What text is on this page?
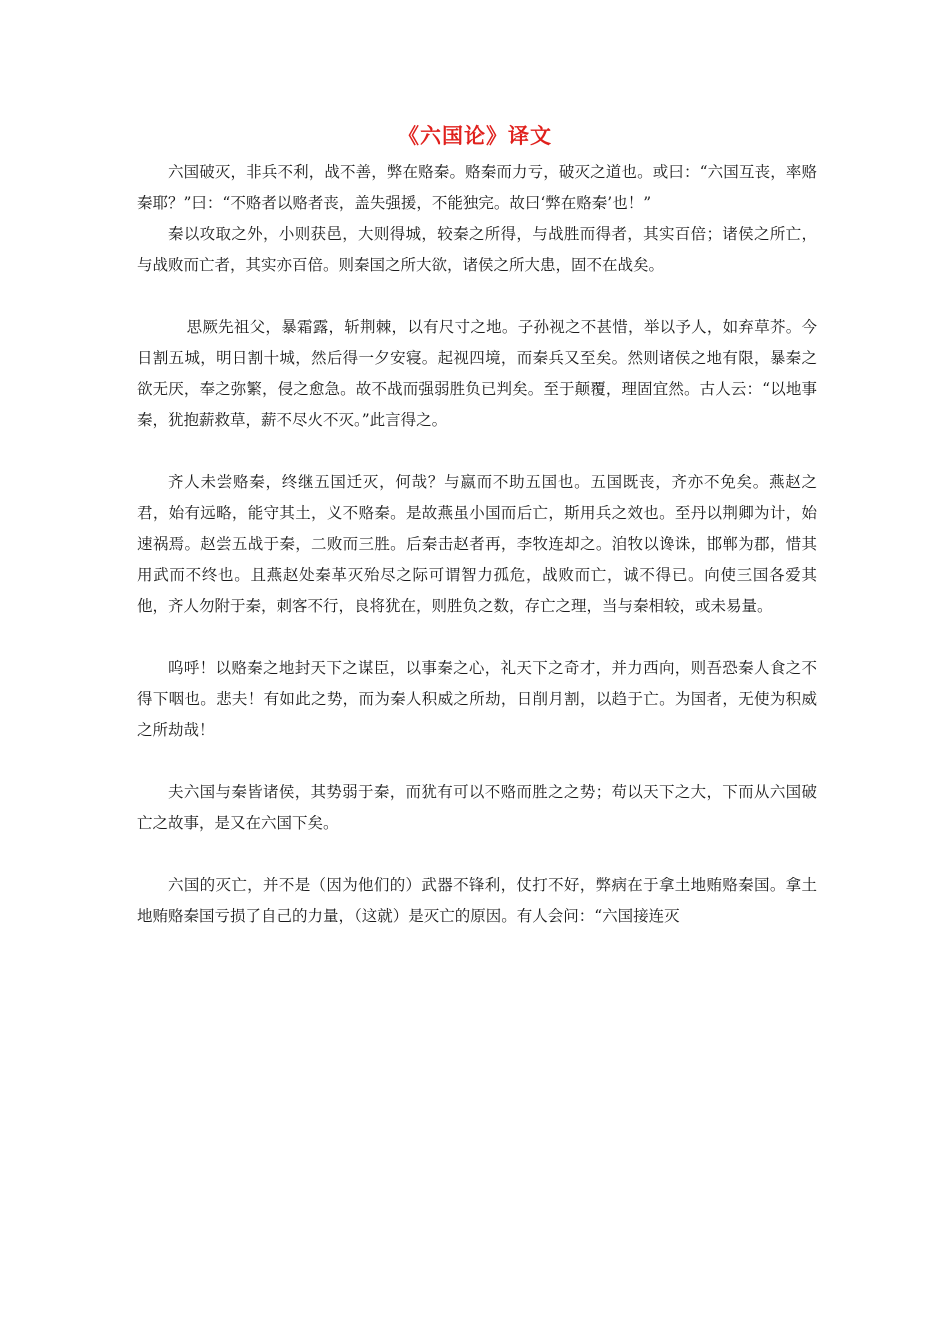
《六国论》译文

六国破灭，非兵不利，战不善，弊在赂秦。赂秦而力亏，破灭之道也。或曰：“六国互丧，率赂秦耶？”曰：“不赂者以赂者丧，盖失强援，不能独完。故曰‘弊在赂秦’也！”

秦以攻取之外，小则获邑，大则得城，较秦之所得，与战胜而得者，其实百倍；诸侯之所亡，与战败而亡者，其实亦百倍。则秦国之所大欲，诸侯之所大患，固不在战矣。

思厥先祖父，暴霜露，斩荆棘，以有尺寸之地。子孙视之不甚惜，举以予人，如弃草芥。今日割五城，明日割十城，然后得一夕安寝。起视四境，而秦兵又至矣。然则诸侯之地有限，暴秦之欲无厌，奉之弥繁，侵之愈急。故不战而强弱胜负已判矣。至于颠覆，理固宜然。古人云：“以地事秦，犹抱薪救草，薪不尽火不灭。”此言得之。

齐人未尝赂秦，终继五国迁灭，何哉？与嬴而不助五国也。五国既丧，齐亦不免矣。燕赵之君，始有远略，能守其土，义不赂秦。是故燕虽小国而后亡，斯用兵之效也。至丹以荆卿为计，始速祸焉。赵尝五战于秦，二败而三胜。后秦击赵者再，李牧连却之。洎牧以谗诛，邯郸为郡，惜其用武而不终也。且燕赵处秦革灭殆尽之际可谓智力孤危，战败而亡，诚不得已。向使三国各爱其他，齐人勿附于秦，刺客不行，良将犹在，则胜负之数，存亡之理，当与秦相较，或未易量。

呜呼！以赂秦之地封天下之谋臣，以事秦之心，礼天下之奇才，并力西向，则吾恐秦人食之不得下咽也。悲夫！有如此之势，而为秦人积威之所劫，日削月割，以趋于亡。为国者，无使为积威之所劫哉！

夫六国与秦皆诸侯，其势弱于秦，而犹有可以不赂而胜之之势；苟以天下之大，下而从六国破亡之故事，是又在六国下矣。

六国的灭亡，并不是（因为他们的）武器不锋利，仗打不好，弊病在于拿土地贿赂秦国。拿土地贿赂秦国亏损了自己的力量，（这就）是灭亡的原因。有人会问：“六国接连灭
